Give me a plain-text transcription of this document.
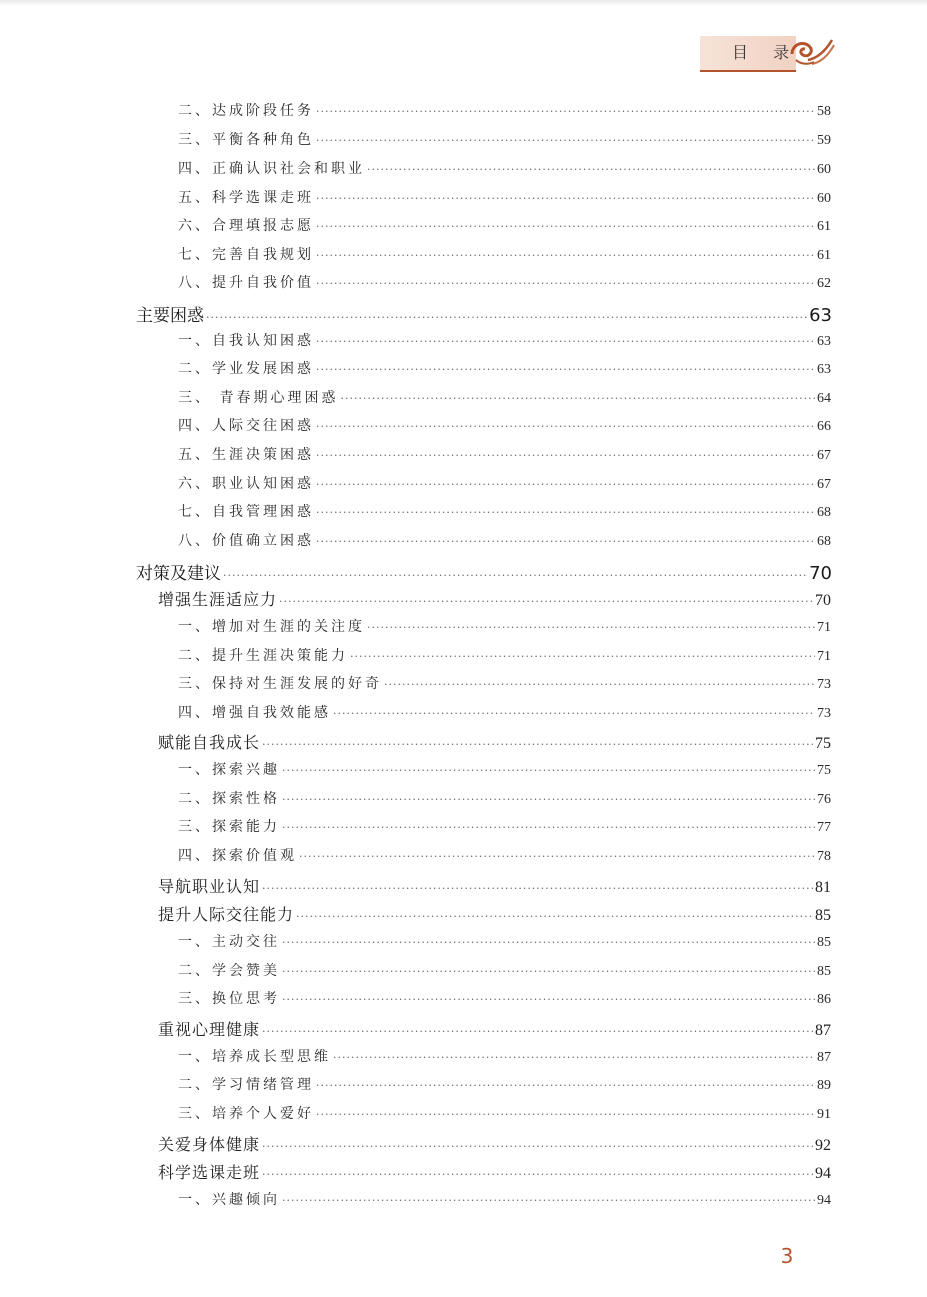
目 录
二、达成阶段任务 ·····	58
三、平衡各种角色 ·····	59
四、正确认识社会和职业 ·····	60
五、科学选课走班 ·····	60
六、合理填报志愿 ·····	61
七、完善自我规划 ·····	61
八、提升自我价值 ·····	62
主要困惑 ·····	63
一、自我认知困惑 ·····	63
二、学业发展困惑 ·····	63
三、 青春期心理困惑 ·····	64
四、人际交往困惑 ·····	66
五、生涯决策困惑 ·····	67
六、职业认知困惑 ·····	67
七、自我管理困惑 ·····	68
八、价值确立困惑 ·····	68
对策及建议 ·····	70
增强生涯适应力 ·····	70
一、增加对生涯的关注度 ·····	71
二、提升生涯决策能力 ·····	71
三、保持对生涯发展的好奇 ·····	73
四、增强自我效能感 ·····	73
赋能自我成长 ·····	75
一、探索兴趣 ·····	75
二、探索性格 ·····	76
三、探索能力 ·····	77
四、探索价值观 ·····	78
导航职业认知 ·····	81
提升人际交往能力 ·····	85
一、主动交往 ·····	85
二、学会赞美 ·····	85
三、换位思考 ·····	86
重视心理健康 ·····	87
一、培养成长型思维 ·····	87
二、学习情绪管理 ·····	89
三、培养个人爱好 ·····	91
关爱身体健康 ·····	92
科学选课走班 ·····	94
一、兴趣倾向 ·····	94
3
